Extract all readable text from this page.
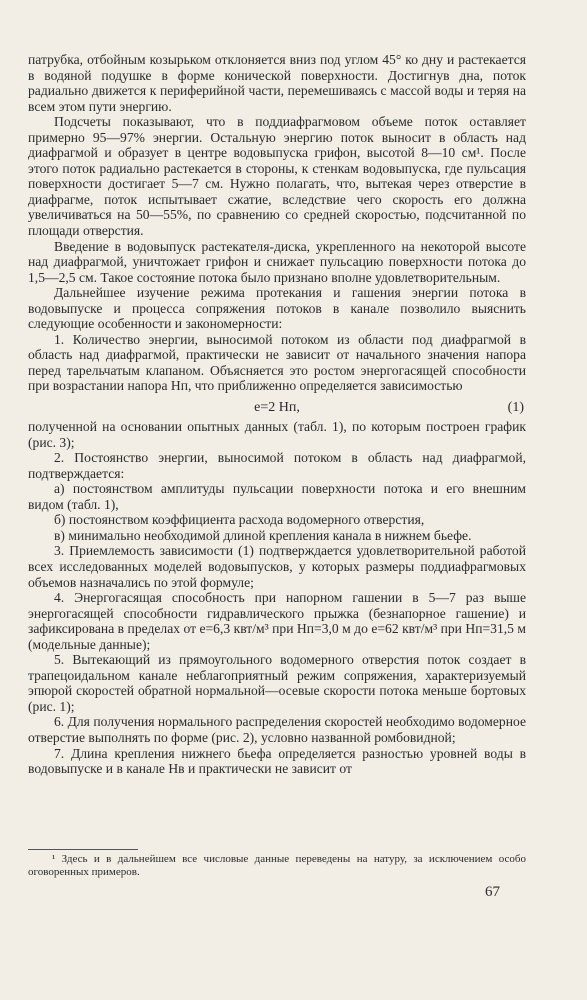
патрубка, отбойным козырьком отклоняется вниз под углом 45° ко дну и растекается в водяной подушке в форме конической поверхности. Достигнув дна, поток радиально движется к периферийной части, перемешиваясь с массой воды и теряя на всем этом пути энергию.

Подсчеты показывают, что в поддиафрагмовом объеме поток оставляет примерно 95—97% энергии. Остальную энергию поток выносит в область над диафрагмой и образует в центре водовыпуска грифон, высотой 8—10 см¹. После этого поток радиально растекается в стороны, к стенкам водовыпуска, где пульсация поверхности достигает 5—7 см. Нужно полагать, что, вытекая через отверстие в диафрагме, поток испытывает сжатие, вследствие чего скорость его должна увеличиваться на 50—55%, по сравнению со средней скоростью, подсчитанной по площади отверстия.

Введение в водовыпуск растекателя-диска, укрепленного на некоторой высоте над диафрагмой, уничтожает грифон и снижает пульсацию поверхности потока до 1,5—2,5 см. Такое состояние потока было признано вполне удовлетворительным.

Дальнейшее изучение режима протекания и гашения энергии потока в водовыпуске и процесса сопряжения потоков в канале позволило выяснить следующие особенности и закономерности:

1. Количество энергии, выносимой потоком из области под диафрагмой в область над диафрагмой, практически не зависит от начального значения напора перед тарельчатым клапаном. Объясняется это ростом энергогасящей способности при возрастании напора Hп, что приближенно определяется зависимостью

e=2 Hп,	(1)

полученной на основании опытных данных (табл. 1), по которым построен график (рис. 3);

2. Постоянство энергии, выносимой потоком в область над диафрагмой, подтверждается:

а) постоянством амплитуды пульсации поверхности потока и его внешним видом (табл. 1),

б) постоянством коэффициента расхода водомерного отверстия,

в) минимально необходимой длиной крепления канала в нижнем бьефе.

3. Приемлемость зависимости (1) подтверждается удовлетворительной работой всех исследованных моделей водовыпусков, у которых размеры поддиафрагмовых объемов назначались по этой формуле;

4. Энергогасящая способность при напорном гашении в 5—7 раз выше энергогасящей способности гидравлического прыжка (безнапорное гашение) и зафиксирована в пределах от e=6,3 квт/м³ при Hп=3,0 м до e=62 квт/м³ при Hп=31,5 м (модельные данные);

5. Вытекающий из прямоугольного водомерного отверстия поток создает в трапецоидальном канале неблагоприятный режим сопряжения, характеризуемый эпюрой скоростей обратной нормальной—осевые скорости потока меньше бортовых (рис. 1);

6. Для получения нормального распределения скоростей необходимо водомерное отверстие выполнять по форме (рис. 2), условно названной ромбовидной;

7. Длина крепления нижнего бьефа определяется разностью уровней воды в водовыпуске и в канале Hв и практически не зависит от

¹ Здесь и в дальнейшем все числовые данные переведены на натуру, за исключением особо оговоренных примеров.

67
